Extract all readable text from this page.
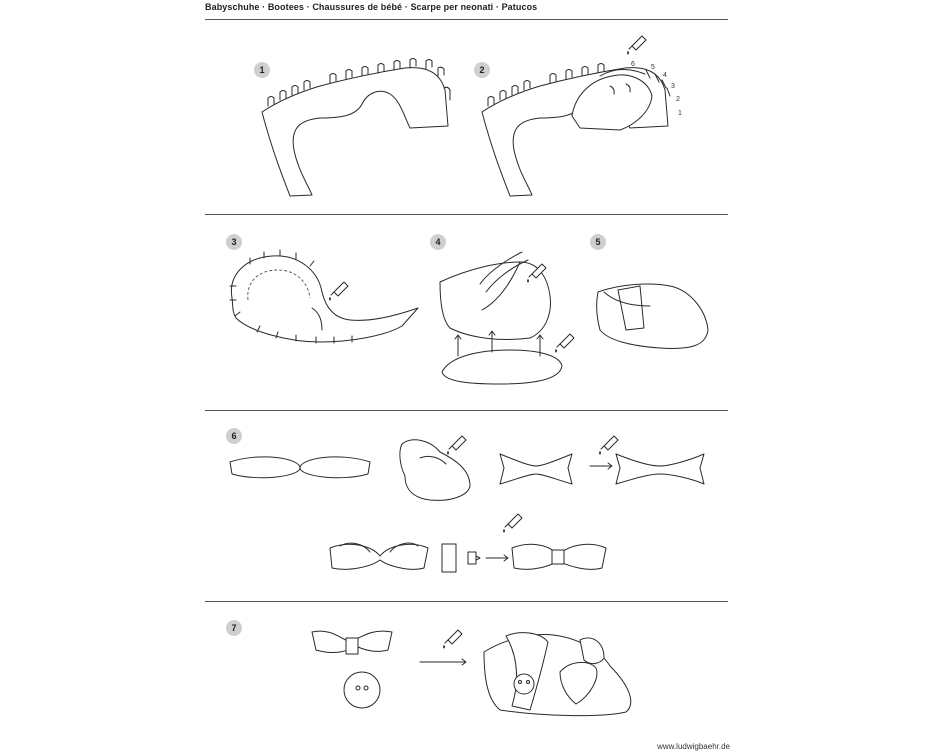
Babyschuhe · Bootees · Chaussures de bébé · Scarpe per neonati · Patucos
1	2
3	4	5
6
7
6 5
4
3
2
1
www.ludwigbaehr.de
